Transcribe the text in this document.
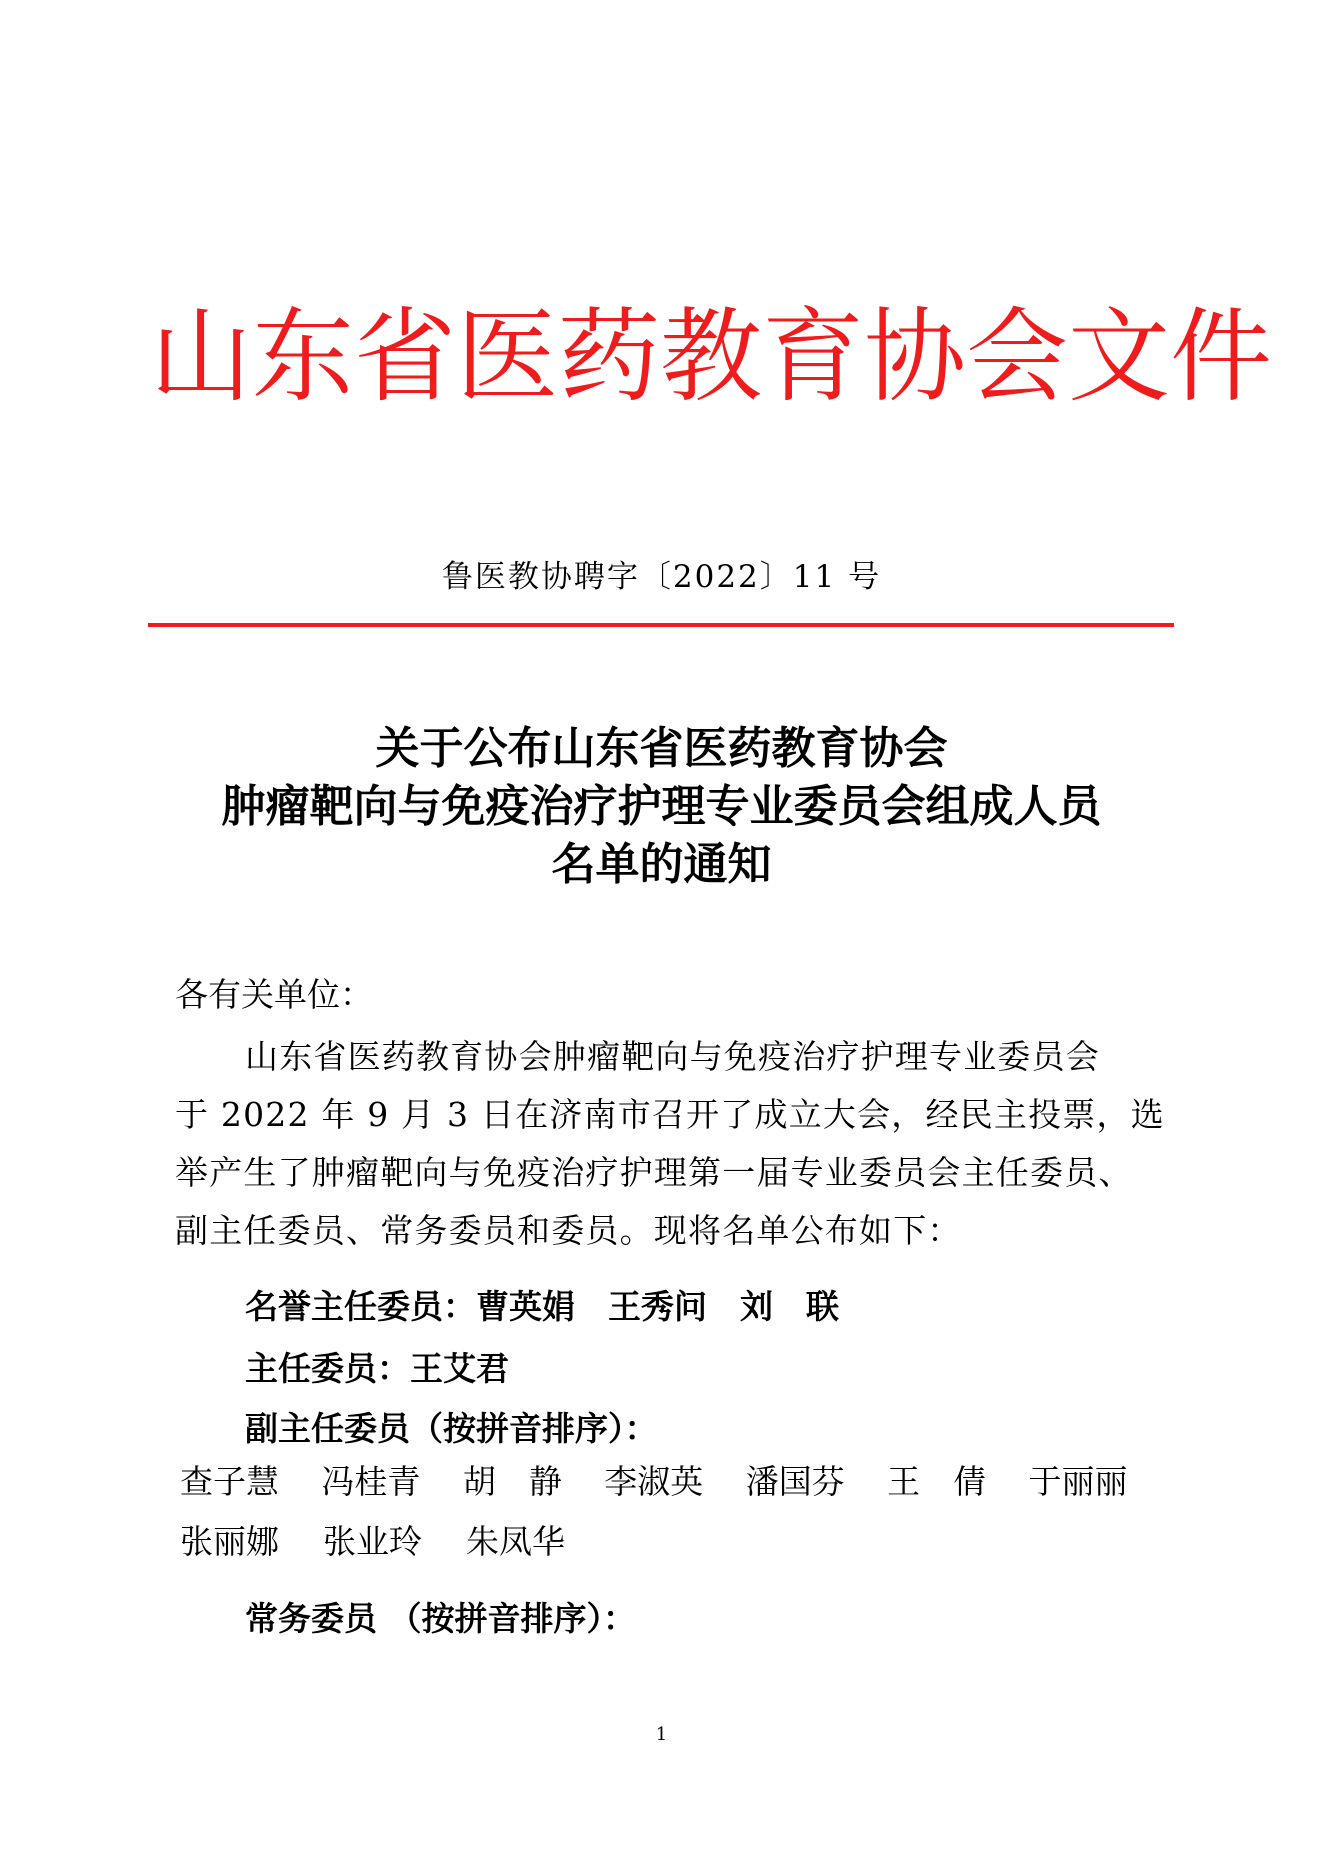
山东省医药教育协会文件
鲁医教协聘字〔2022〕11 号
关于公布山东省医药教育协会
肿瘤靶向与免疫治疗护理专业委员会组成人员
名单的通知
各有关单位：
山东省医药教育协会肿瘤靶向与免疫治疗护理专业委员会
于 2022 年 9 月 3 日在济南市召开了成立大会，经民主投票，选
举产生了肿瘤靶向与免疫治疗护理第一届专业委员会主任委员、
副主任委员、常务委员和委员。现将名单公布如下：
名誉主任委员：曹英娟　王秀问　刘　联
主任委员：王艾君
副主任委员（按拼音排序）：
查子慧	冯桂青	胡　静	李淑英	潘国芬	王　倩	于丽丽
张丽娜	张业玲	朱凤华
常务委员 （按拼音排序）：
1
